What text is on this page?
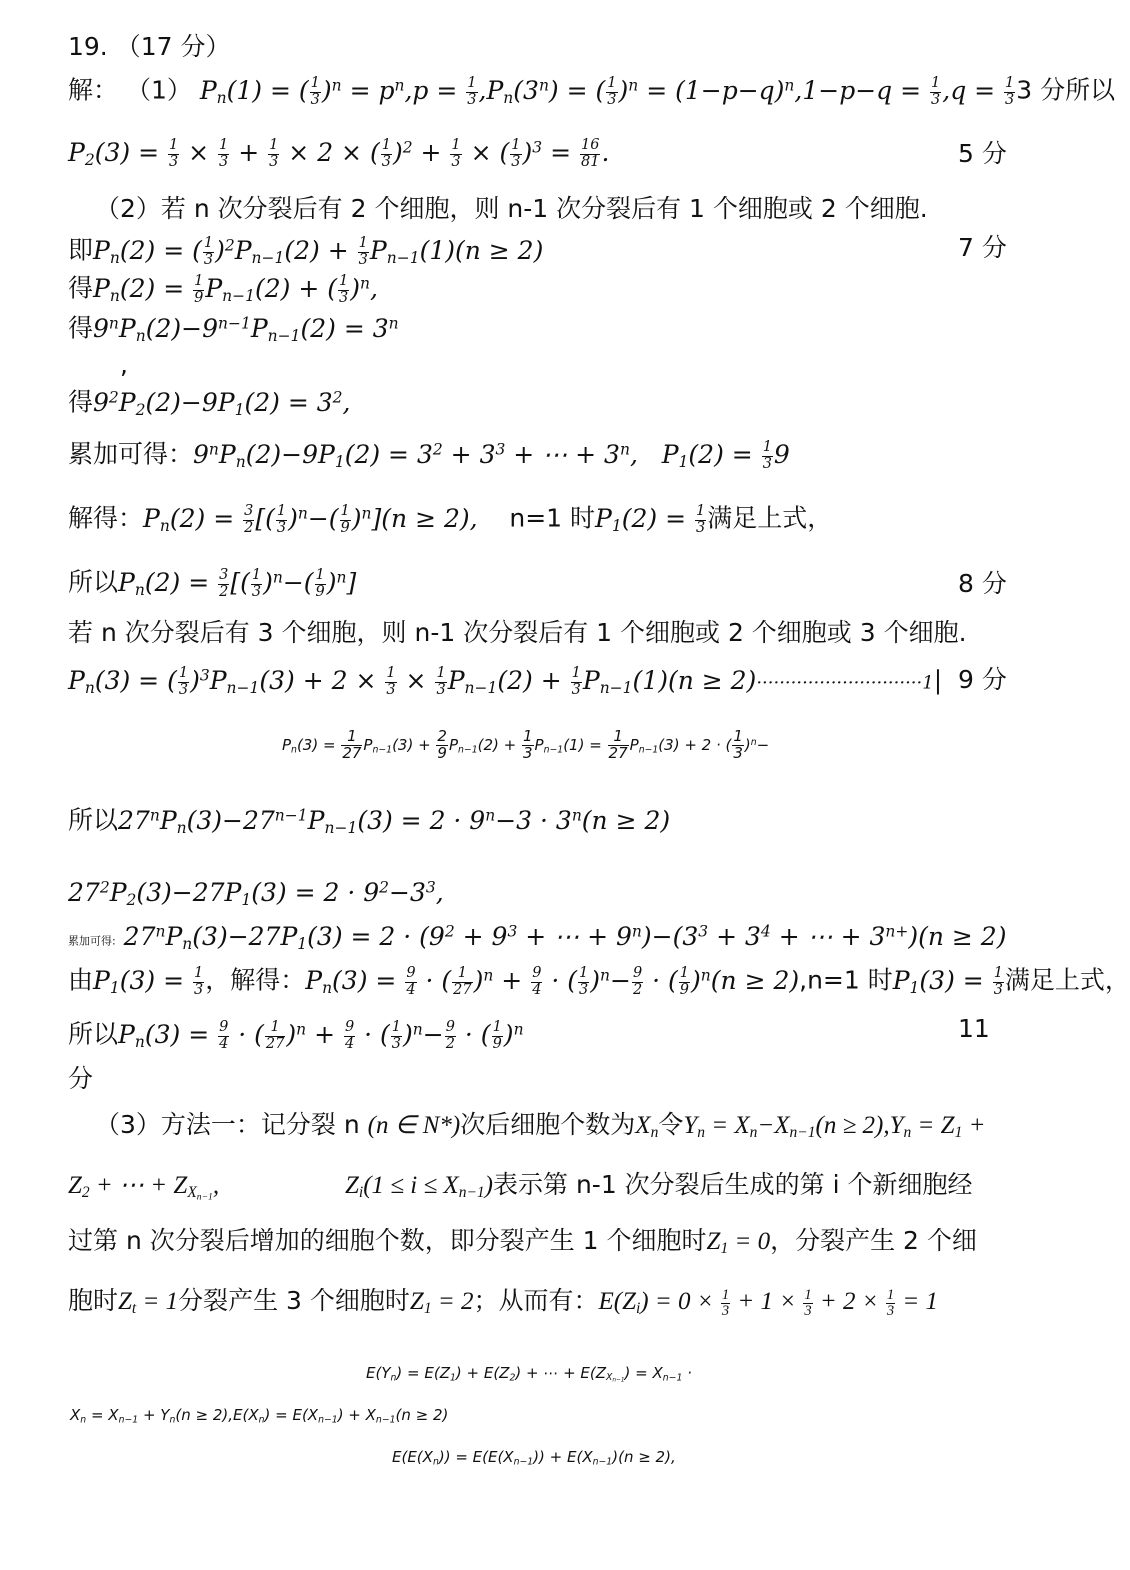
19. （17 分）
解： （1） $P_n(1)$ = ( $\frac{1}{3} )^n = p^n,p = \frac{1}{3} ,P_n(3^n)$ = ( $\frac{1}{3} )^n = (1-p-q)^n,1-p-q = \frac{1}{3} ,q = \frac{1}{3} 3$ 分所以
$P_2(3) = \frac{1}{3} \times \frac{1}{3} + \frac{1}{3} \times 2$ × ( $\frac{1}{3} )^2 + \frac{1}{3}$ × ( $\frac{1}{3} )^3 = \frac{16}{81}$ .	5 分
（2）若 n 次分裂后有 2 个细胞，则 n-1 次分裂后有 1 个细胞或 2 个细胞.
即$P_n(2)$ = ( $\frac{1}{3} )^2P_{n-1}(2) + \frac{1}{3} P_{n-1}(1)(n \ge 2)$	7 分
得$P_n(2) = \frac{1}{9} P_{n-1}(2)$ + ( $\frac{1}{3} )^n$,
得$9^nP_n(2)-9^{n-1}P_{n-1}(2) = 3^n$
,
得$9^2P_2(2)-9P_1(2) = 3^2$,
累加可得：$9^nP_n(2)-9P_1(2) = 3^2 + 3^3$ + ⋯ + $3^n$,   $P_1(2) = \frac{1}{3} 9$
解得：$P_n(2) = \frac{3}{2}$ [( $\frac{1}{3} )^n-( \frac{1}{9} )^n](n \ge 2)$, n=1 时$P_1(2) = \frac{1}{3}$ 满足上式，
所以$P_n(2) = \frac{3}{2}$ [( $\frac{1}{3} )^n-( \frac{1}{9} )^n$]	8 分
若 n 次分裂后有 3 个细胞，则 n-1 次分裂后有 1 个细胞或 2 个细胞或 3 个细胞.
$P_n(3)$ = ( $\frac{1}{3} )^3P_{n-1}(3) + 2 \times \frac{1}{3} \times \frac{1}{3} P_{n-1}(2) + \frac{1}{3} P_{n-1}(1)(n \ge 2)\cdot\cdot\cdot\cdot\cdot\cdot\cdot\cdot\cdot\cdot\cdot\cdot\cdot\cdot\cdot\cdot\cdot\cdot\cdot\cdot\cdot\cdot\cdot\cdot\cdot\cdot\cdot\cdot\cdot 1|$ 9 分
$P_n(3) = \frac{1}{27} P_{n-1}(3) + \frac{2}{9} P_{n-1}(2) + \frac{1}{3} P_{n-1}(1) = \frac{1}{27} P_{n-1}(3) + 2$ · ( $\frac{1}{3} )^n-$
所以$27^nP_n(3)-27^{n-1}P_{n-1}(3) = 2 \cdot 9^n-3 \cdot 3^n(n \ge 2)$
$27^2P_2(3)-27P_1(3) = 2 \cdot 9^2-3^3$,
累加可得: $27^nP_n(3)-27P_1(3) = 2 \cdot (9^2 + 9^3$ + ⋯ + $9^n)-(3^3 + 3^4$ + ⋯ + $3^{n+})(n \ge 2)$
由$P_1(3) = \frac{1}{3}$ ，解得：$P_n(3) = \frac{9}{4}$ · ( $\frac{1}{27} )^n + \frac{9}{4}$ · ( $\frac{1}{3} )^n- \frac{9}{2}$ · ( $\frac{1}{9} )^n(n \ge 2),n=1$ 时$P_1(3) = \frac{1}{3}$ 满足上式，
所以$P_n(3) = \frac{9}{4}$ · ( $\frac{1}{27} )^n + \frac{9}{4}$ · ( $\frac{1}{3} )^n- \frac{9}{2}$ · ( $\frac{1}{9} )^n$	11
分
（3）方法一：记分裂 n (n ∈ N*)次后细胞个数为$X_n$令$Y_n = X_n-X_{n-1}(n \ge 2),Y_n = Z_1$ +
$Z_2$ + ⋯ + $Z_{X_{n-1}}$,	$Z_i(1 \le i \le X_{n-1})$表示第 n-1 次分裂后生成的第 i 个新细胞经
过第 n 次分裂后增加的细胞个数，即分裂产生 1 个细胞时$Z_1 = 0$，分裂产生 2 个细
胞时$Z_t = 1$分裂产生 3 个细胞时$Z_1 = 2$；从而有：$E(Z_i) = 0 \times \frac{1}{3} + 1 \times \frac{1}{3} + 2 \times \frac{1}{3} = 1$
$E(Y_n) = E(Z_1) + E(Z_2)$ + ⋯ + $E(Z_{X_{n-1}}) = X_{n-1}$ ·
$X_n = X_{n-1} + Y_n(n \ge 2),E(X_n) = E(X_{n-1}) + X_{n-1}(n \ge 2)$
$E(E(X_n)) = E(E(X_{n-1})) + E(X_{n-1})(n \ge 2)$,
